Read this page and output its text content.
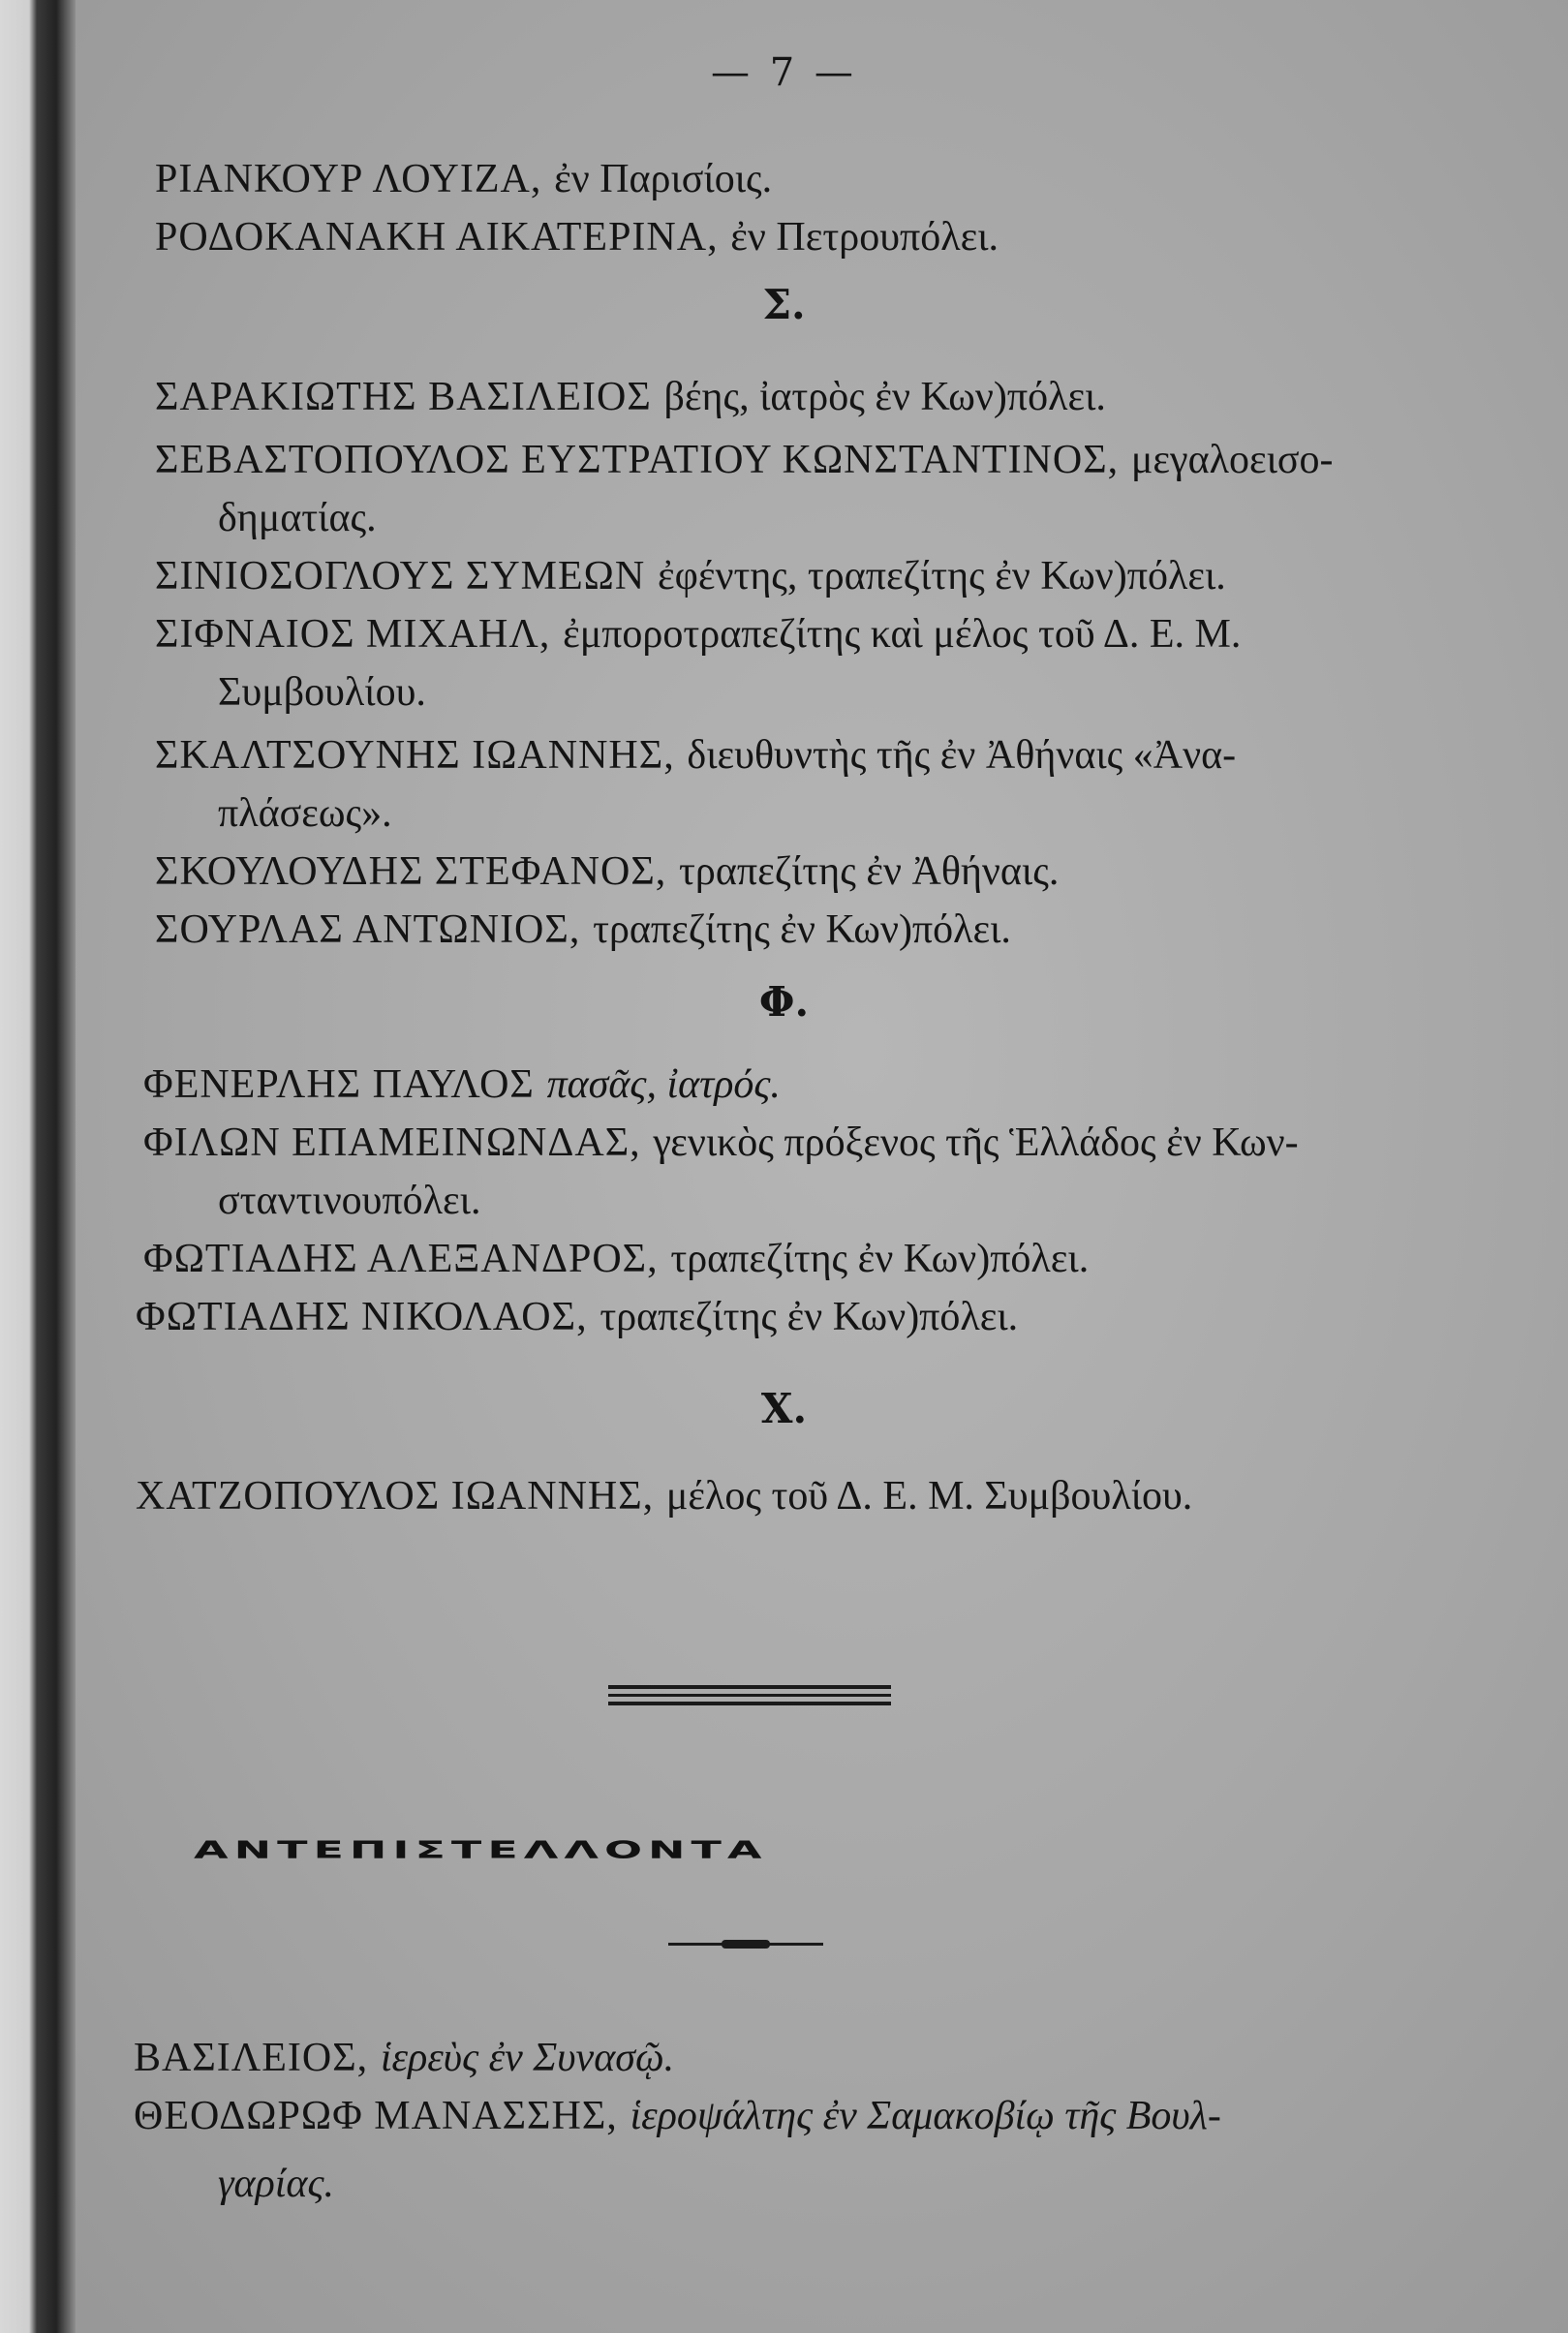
— 7 —
ΡΙΑΝΚΟΥΡ ΛΟΥΙΖΑ, ἐν Παρισίοις.
ΡΟΔΟΚΑΝΑΚΗ ΑΙΚΑΤΕΡΙΝΑ, ἐν Πετρουπόλει.
Σ.
ΣΑΡΑΚΙΩΤΗΣ ΒΑΣΙΛΕΙΟΣ βέης, ἰατρὸς ἐν Κων)πόλει.
ΣΕΒΑΣΤΟΠΟΥΛΟΣ ΕΥΣΤΡΑΤΙΟΥ ΚΩΝΣΤΑΝΤΙΝΟΣ, μεγαλοεισο-
δηματίας.
ΣΙΝΙΟΣΟΓΛΟΥΣ ΣΥΜΕΩΝ ἐφέντης, τραπεζίτης ἐν Κων)πόλει.
ΣΙΦΝΑΙΟΣ ΜΙΧΑΗΛ, ἐμποροτραπεζίτης καὶ μέλος τοῦ Δ. Ε. Μ.
Συμβουλίου.
ΣΚΑΛΤΣΟΥΝΗΣ ΙΩΑΝΝΗΣ, διευθυντὴς τῆς ἐν Ἀθήναις «Ἀνα-
πλάσεως».
ΣΚΟΥΛΟΥΔΗΣ ΣΤΕΦΑΝΟΣ, τραπεζίτης ἐν Ἀθήναις.
ΣΟΥΡΛΑΣ ΑΝΤΩΝΙΟΣ, τραπεζίτης ἐν Κων)πόλει.
Φ.
ΦΕΝΕΡΛΗΣ ΠΑΥΛΟΣ πασᾶς, ἰατρός.
ΦΙΛΩΝ ΕΠΑΜΕΙΝΩΝΔΑΣ, γενικὸς πρόξενος τῆς Ἑλλάδος ἐν Κων-
σταντινουπόλει.
ΦΩΤΙΑΔΗΣ ΑΛΕΞΑΝΔΡΟΣ, τραπεζίτης ἐν Κων)πόλει.
ΦΩΤΙΑΔΗΣ ΝΙΚΟΛΑΟΣ, τραπεζίτης ἐν Κων)πόλει.
Χ.
ΧΑΤΖΟΠΟΥΛΟΣ ΙΩΑΝΝΗΣ, μέλος τοῦ Δ. Ε. Μ. Συμβουλίου.
ΑΝΤΕΠΙΣΤΕΛΛΟΝΤΑ
ΒΑΣΙΛΕΙΟΣ, ἱερεὺς ἐν Συνασῷ.
ΘΕΟΔΩΡΩΦ ΜΑΝΑΣΣΗΣ, ἱεροψάλτης ἐν Σαμακοβίῳ τῆς Βουλ-
γαρίας.
